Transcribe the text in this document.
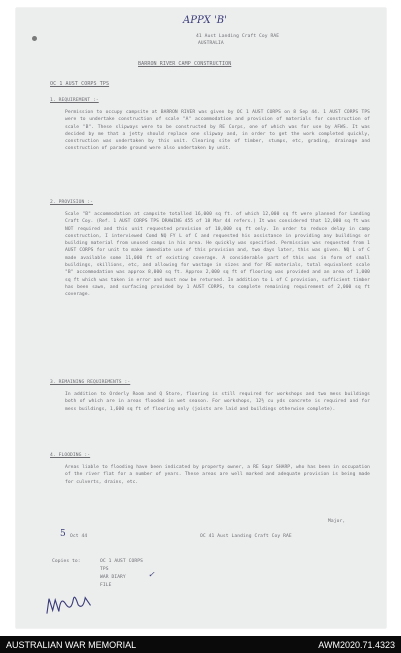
APPX 'B'
41 Aust Landing Craft Coy RAE
AUSTRALIA
BARRON RIVER CAMP CONSTRUCTION
OC 1 AUST CORPS TPS
1. REQUIREMENT :-
Permission to occupy campsite at BARRON RIVER was given by OC 1 AUST CORPS on 8 Sep 44. 1 AUST CORPS TPS were to undertake construction of scale "A" accommodation and provision of materials for construction of scale "B". These slipways were to be constructed by RE Corps, one of which was for use by AFWS. It was decided by me that a jetty should replace one slipway and, in order to get the work completed quickly, construction was undertaken by this unit. Clearing site of timber, stumps, etc, grading, drainage and construction of parade ground were also undertaken by unit.
2. PROVISION :-
Scale "B" accommodation at campsite totalled 16,000 sq ft. of which 12,000 sq ft were planned for Landing Craft Coy. (Ref. 1 AUST CORPS TPS DRAWING 455 of 18 Mar 44 refers.) It was considered that 12,000 sq ft was NOT required and this unit requested provision of 10,000 sq ft only. In order to reduce delay in camp construction, I interviewed Comd NQ FY L of C and requested his assistance in providing any buildings or building material from unused camps in his area. He quickly was specified. Permission was requested from 1 AUST CORPS for unit to make immediate use of this provision and, two days later, this was given. NQ L of C made available some 11,000 ft of existing coverage. A considerable part of this was in form of small buildings, skillions, etc, and allowing for wastage in sizes and for RE materials, total equivalent scale "B" accommodation was approx 8,000 sq ft. Approx 2,000 sq ft of flooring was provided and an area of 1,000 sq ft which was taken in error and must now be returned. In addition to L of C provision, sufficient timber has been sawn, and surfacing provided by 1 AUST CORPS, to complete remaining requirement of 2,000 sq ft coverage.
3. REMAINING REQUIREMENTS :-
In addition to Orderly Room and Q Store, flooring is still required for workshops and two mess buildings both of which are in areas flooded in wet season. For workshops, 12½ cu yds concrete is required and for mess buildings, 1,600 sq ft of flooring only (joists are laid and buildings otherwise complete).
4. FLOODING :-
Areas liable to flooding have been indicated by property owner, a RE Sapr SHARP, who has been in occupation of the river flat for a number of years. These areas are well marked and adequate provision is being made for culverts, drains, etc.
Major,
5 Oct 44	OC 41 Aust Landing Craft Coy RAE
Copies to:	OC 1 AUST CORPS
TPS
WAR DIARY
FILE
✓
AUSTRALIAN WAR MEMORIAL	AWM2020.71.4323
